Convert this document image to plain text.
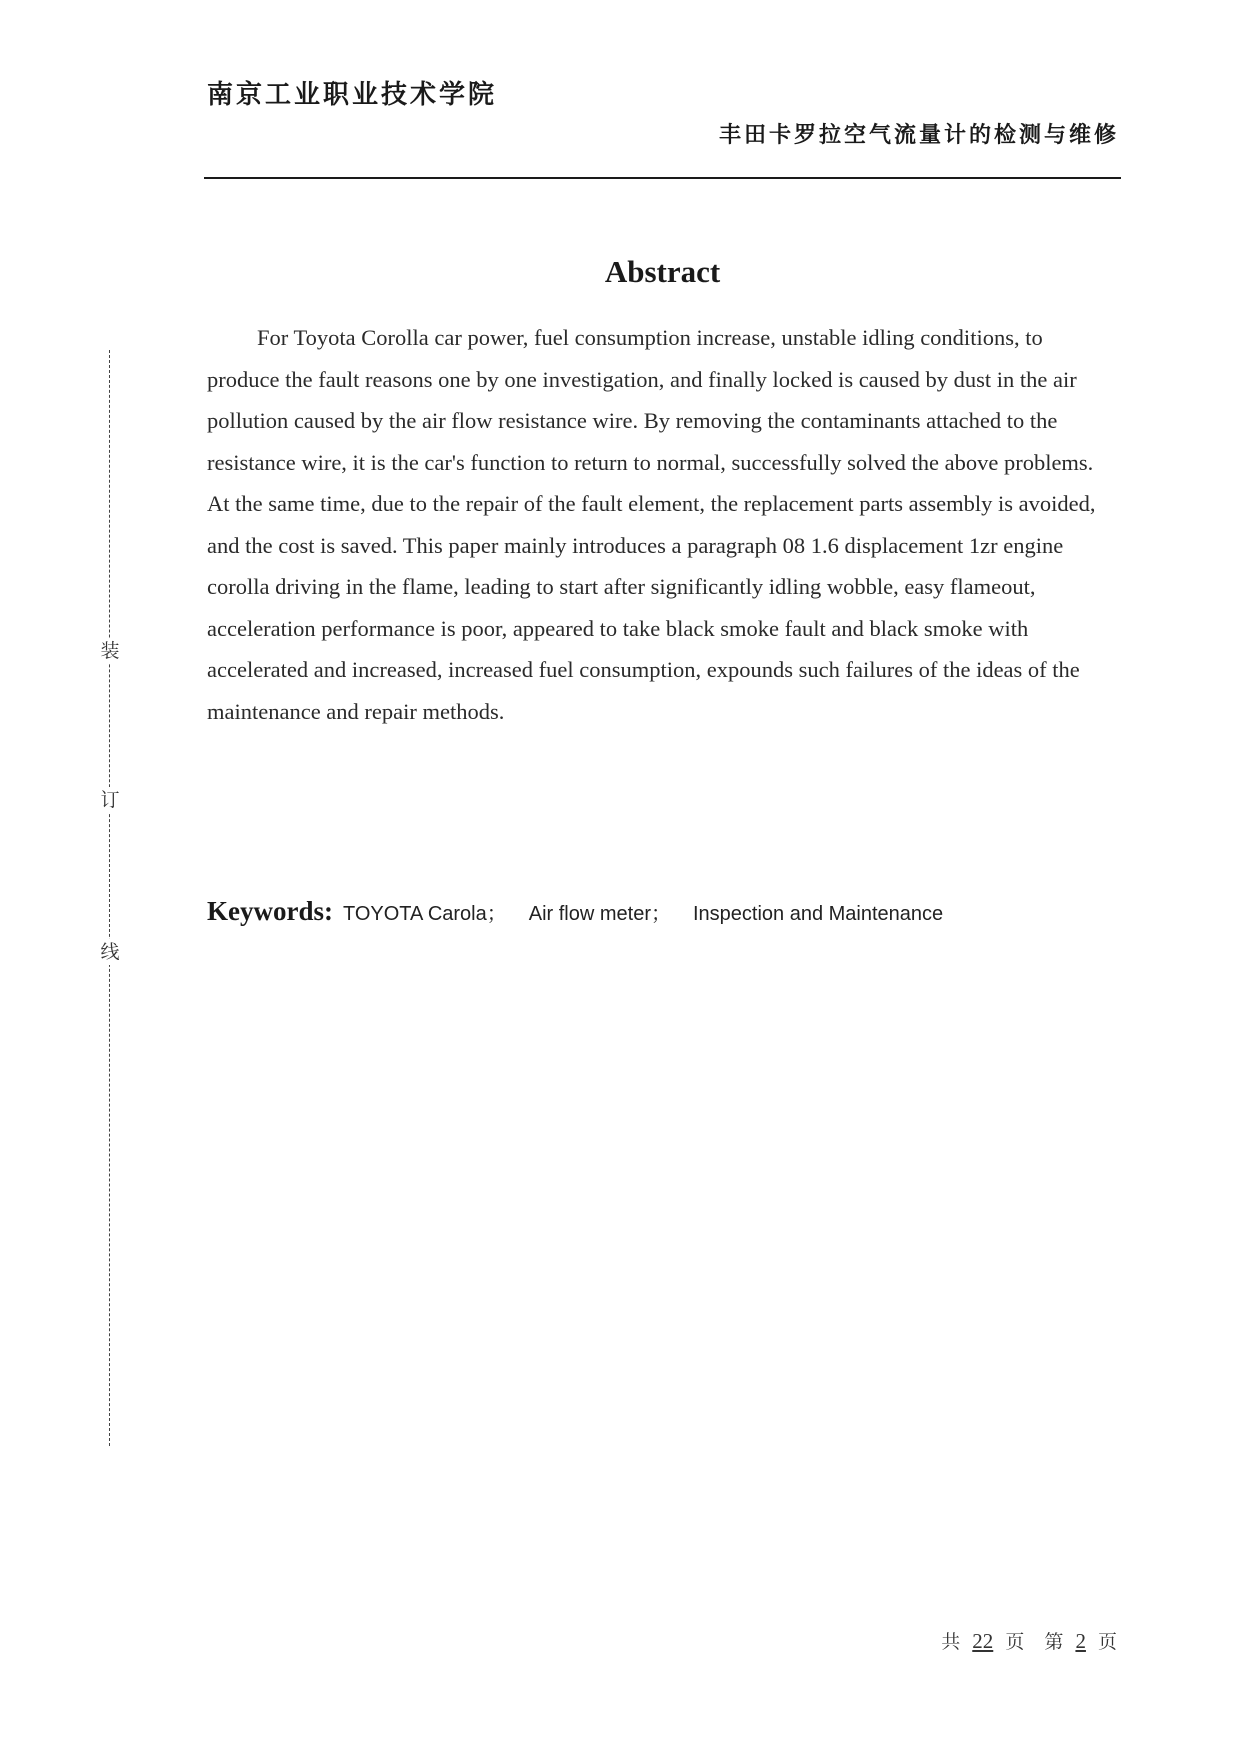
南京工业职业技术学院
丰田卡罗拉空气流量计的检测与维修
装
订
线
Abstract

For Toyota Corolla car power, fuel consumption increase, unstable idling conditions, to produce the fault reasons one by one investigation, and finally locked is caused by dust in the air pollution caused by the air flow resistance wire. By removing the contaminants attached to the resistance wire, it is the car's function to return to normal, successfully solved the above problems. At the same time, due to the repair of the fault element, the replacement parts assembly is avoided, and the cost is saved. This paper mainly introduces a paragraph 08 1.6 displacement 1zr engine corolla driving in the flame, leading to start after significantly idling wobble, easy flameout, acceleration performance is poor, appeared to take black smoke fault and black smoke with accelerated and increased, increased fuel consumption, expounds such failures of the ideas of the maintenance and repair methods.

Keywords: TOYOTA Carola； Air flow meter； Inspection and Maintenance
共 22 页 第 2 页
